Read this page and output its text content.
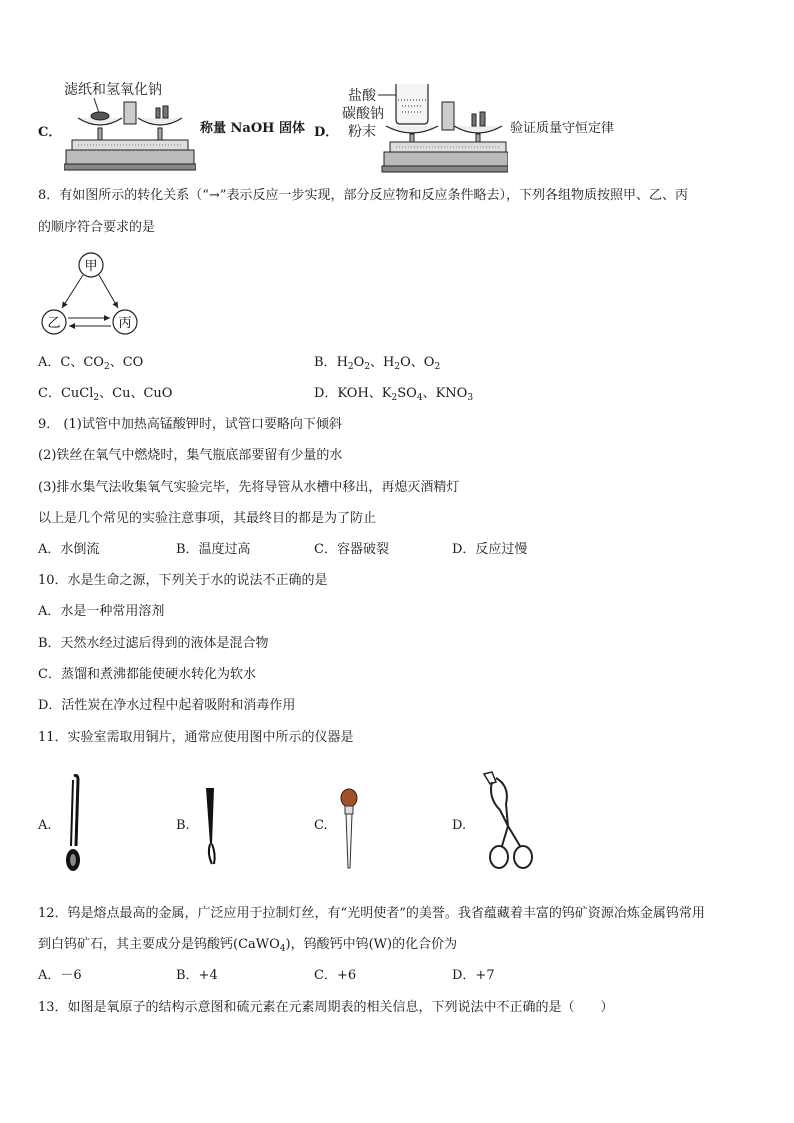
C．
滤纸和氢氧化钠
称量 NaOH 固体 D．
盐酸
碳酸钠
粉末	验证质量守恒定律
8．有如图所示的转化关系（“→”表示反应一步实现，部分反应物和反应条件略去），下列各组物质按照甲、乙、丙
的顺序符合要求的是
甲
乙	丙
A．C、$CO_2$、CO	B．$H_2O_2$、$H_2O$、$O_2$
C．CuCl$_2$、Cu、CuO	D．KOH、$K_2SO_4$、$KNO_3$
9． (1)试管中加热高锰酸钾时，试管口要略向下倾斜
(2)铁丝在氧气中燃烧时，集气瓶底部要留有少量的水
(3)排水集气法收集氧气实验完毕，先将导管从水槽中移出，再熄灭酒精灯
以上是几个常见的实验注意事项，其最终目的都是为了防止
A．水倒流	B．温度过高	C．容器破裂	D．反应过慢
10．水是生命之源，下列关于水的说法不正确的是
A．水是一种常用溶剂
B．天然水经过滤后得到的液体是混合物
C．蒸馏和煮沸都能使硬水转化为软水
D．活性炭在净水过程中起着吸附和消毒作用
11．实验室需取用铜片，通常应使用图中所示的仪器是
A.	B.	C.	D.
12．钨是熔点最高的金属，广泛应用于拉制灯丝，有“光明使者”的美誉。我省蕴藏着丰富的钨矿资源冶炼金属钨常用
到白钨矿石，其主要成分是钨酸钙(CaWO$_4$)，钨酸钙中钨(W)的化合价为
A．－6	B．+4	C．+6	D．+7
13．如图是氧原子的结构示意图和硫元素在元素周期表的相关信息，下列说法中不正确的是（　　）
